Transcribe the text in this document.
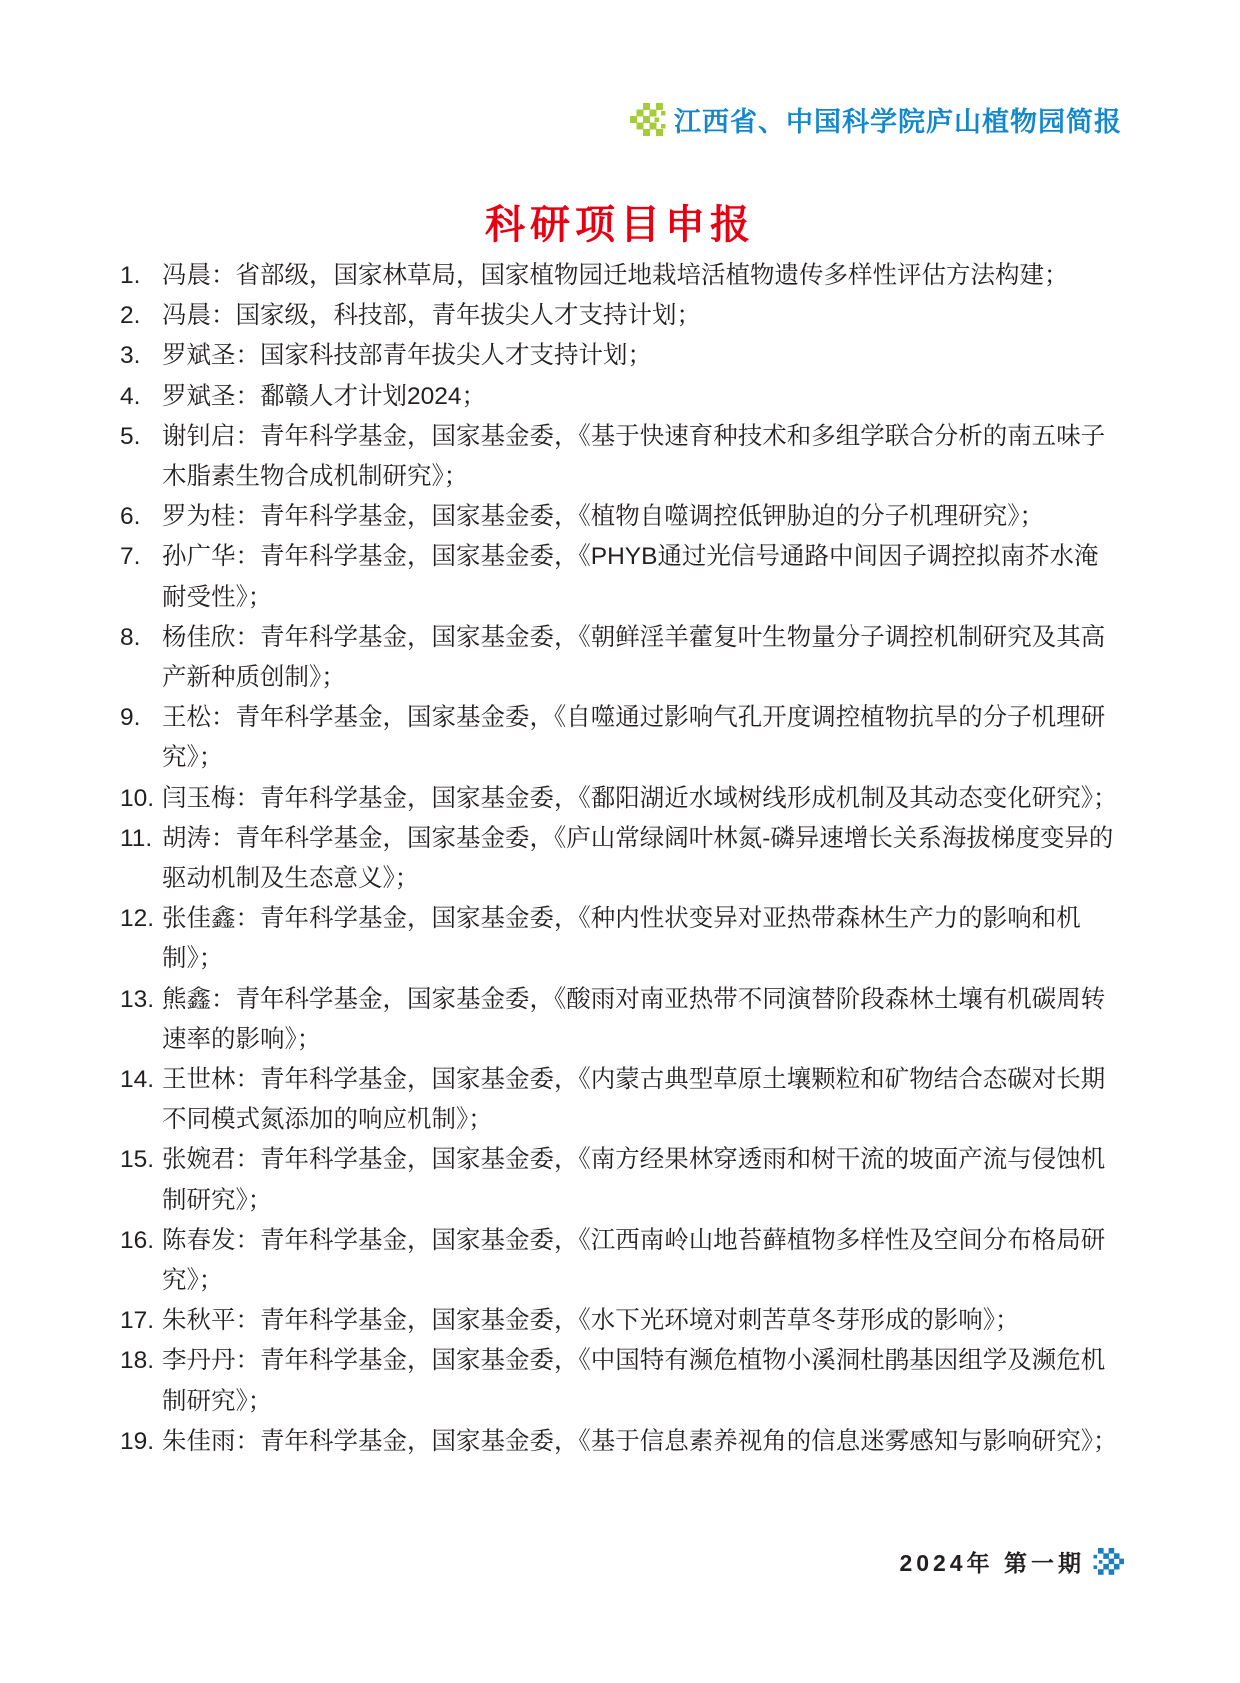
江西省、中国科学院庐山植物园简报
科研项目申报
1. 冯晨：省部级，国家林草局，国家植物园迁地栽培活植物遗传多样性评估方法构建；
2. 冯晨：国家级，科技部，青年拔尖人才支持计划；
3. 罗斌圣：国家科技部青年拔尖人才支持计划；
4. 罗斌圣：鄱赣人才计划2024；
5. 谢钊启：青年科学基金，国家基金委，《基于快速育种技术和多组学联合分析的南五味子木脂素生物合成机制研究》；
6. 罗为桂：青年科学基金，国家基金委，《植物自噬调控低钾胁迫的分子机理研究》；
7. 孙广华：青年科学基金，国家基金委，《PHYB通过光信号通路中间因子调控拟南芥水淹耐受性》；
8. 杨佳欣：青年科学基金，国家基金委，《朝鲜淫羊藿复叶生物量分子调控机制研究及其高产新种质创制》；
9. 王松：青年科学基金，国家基金委，《自噬通过影响气孔开度调控植物抗旱的分子机理研究》；
10. 闫玉梅：青年科学基金，国家基金委，《鄱阳湖近水域树线形成机制及其动态变化研究》；
11. 胡涛：青年科学基金，国家基金委，《庐山常绿阔叶林氮-磷异速增长关系海拔梯度变异的驱动机制及生态意义》；
12. 张佳鑫：青年科学基金，国家基金委，《种内性状变异对亚热带森林生产力的影响和机制》；
13. 熊鑫：青年科学基金，国家基金委，《酸雨对南亚热带不同演替阶段森林土壤有机碳周转速率的影响》；
14. 王世林：青年科学基金，国家基金委，《内蒙古典型草原土壤颗粒和矿物结合态碳对长期不同模式氮添加的响应机制》；
15. 张婉君：青年科学基金，国家基金委，《南方经果林穿透雨和树干流的坡面产流与侵蚀机制研究》；
16. 陈春发：青年科学基金，国家基金委，《江西南岭山地苔藓植物多样性及空间分布格局研究》；
17. 朱秋平：青年科学基金，国家基金委，《水下光环境对刺苦草冬芽形成的影响》；
18. 李丹丹：青年科学基金，国家基金委，《中国特有濒危植物小溪洞杜鹃基因组学及濒危机制研究》；
19. 朱佳雨：青年科学基金，国家基金委，《基于信息素养视角的信息迷雾感知与影响研究》；
2024年 第一期
